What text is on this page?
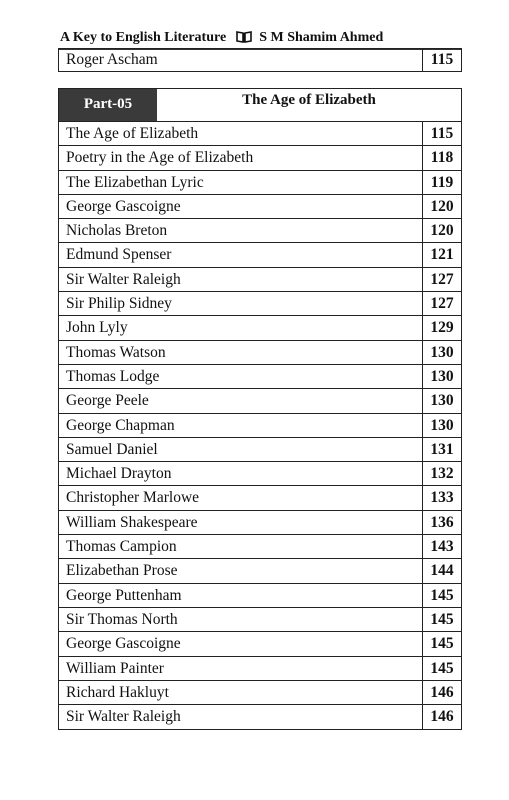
A Key to English Literature S M Shamim Ahmed
Roger Ascham	115
Part-05	The Age of Elizabeth
The Age of Elizabeth	115
Poetry in the Age of Elizabeth	118
The Elizabethan Lyric	119
George Gascoigne	120
Nicholas Breton	120
Edmund Spenser	121
Sir Walter Raleigh	127
Sir Philip Sidney	127
John Lyly	129
Thomas Watson	130
Thomas Lodge	130
George Peele	130
George Chapman	130
Samuel Daniel	131
Michael Drayton	132
Christopher Marlowe	133
William Shakespeare	136
Thomas Campion	143
Elizabethan Prose	144
George Puttenham	145
Sir Thomas North	145
George Gascoigne	145
William Painter	145
Richard Hakluyt	146
Sir Walter Raleigh	146
